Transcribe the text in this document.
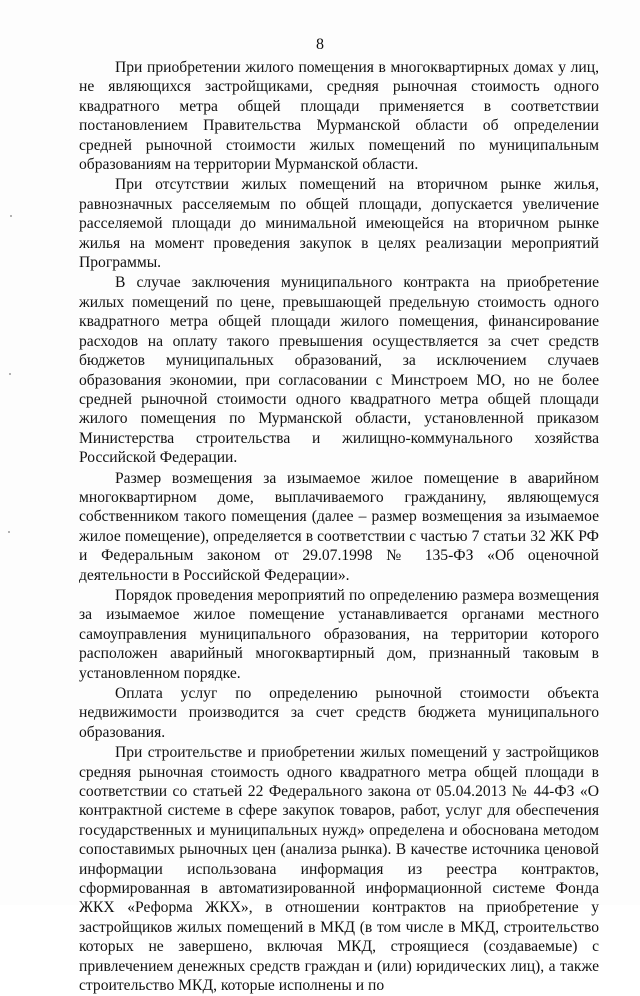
8

При приобретении жилого помещения в многоквартирных домах у лиц, не являющихся застройщиками, средняя рыночная стоимость одного квадратного метра общей площади применяется в соответствии постановлением Правительства Мурманской области об определении средней рыночной стоимости жилых помещений по муниципальным образованиям на территории Мурманской области.

При отсутствии жилых помещений на вторичном рынке жилья, равнозначных расселяемым по общей площади, допускается увеличение расселяемой площади до минимальной имеющейся на вторичном рынке жилья на момент проведения закупок в целях реализации мероприятий Программы.

В случае заключения муниципального контракта на приобретение жилых помещений по цене, превышающей предельную стоимость одного квадратного метра общей площади жилого помещения, финансирование расходов на оплату такого превышения осуществляется за счет средств бюджетов муниципальных образований, за исключением случаев образования экономии, при согласовании с Минстроем МО, но не более средней рыночной стоимости одного квадратного метра общей площади жилого помещения по Мурманской области, установленной приказом Министерства строительства и жилищно-коммунального хозяйства Российской Федерации.

Размер возмещения за изымаемое жилое помещение в аварийном многоквартирном доме, выплачиваемого гражданину, являющемуся собственником такого помещения (далее – размер возмещения за изымаемое жилое помещение), определяется в соответствии с частью 7 статьи 32 ЖК РФ и Федеральным законом от 29.07.1998 № 135-ФЗ «Об оценочной деятельности в Российской Федерации».

Порядок проведения мероприятий по определению размера возмещения за изымаемое жилое помещение устанавливается органами местного самоуправления муниципального образования, на территории которого расположен аварийный многоквартирный дом, признанный таковым в установленном порядке.

Оплата услуг по определению рыночной стоимости объекта недвижимости производится за счет средств бюджета муниципального образования.

При строительстве и приобретении жилых помещений у застройщиков средняя рыночная стоимость одного квадратного метра общей площади в соответствии со статьей 22 Федерального закона от 05.04.2013 № 44-ФЗ «О контрактной системе в сфере закупок товаров, работ, услуг для обеспечения государственных и муниципальных нужд» определена и обоснована методом сопоставимых рыночных цен (анализа рынка). В качестве источника ценовой информации использована информация из реестра контрактов, сформированная в автоматизированной информационной системе Фонда ЖКХ «Реформа ЖКХ», в отношении контрактов на приобретение у застройщиков жилых помещений в МКД (в том числе в МКД, строительство которых не завершено, включая МКД, строящиеся (создаваемые) с привлечением денежных средств граждан и (или) юридических лиц), а также строительство МКД, которые исполнены и по
